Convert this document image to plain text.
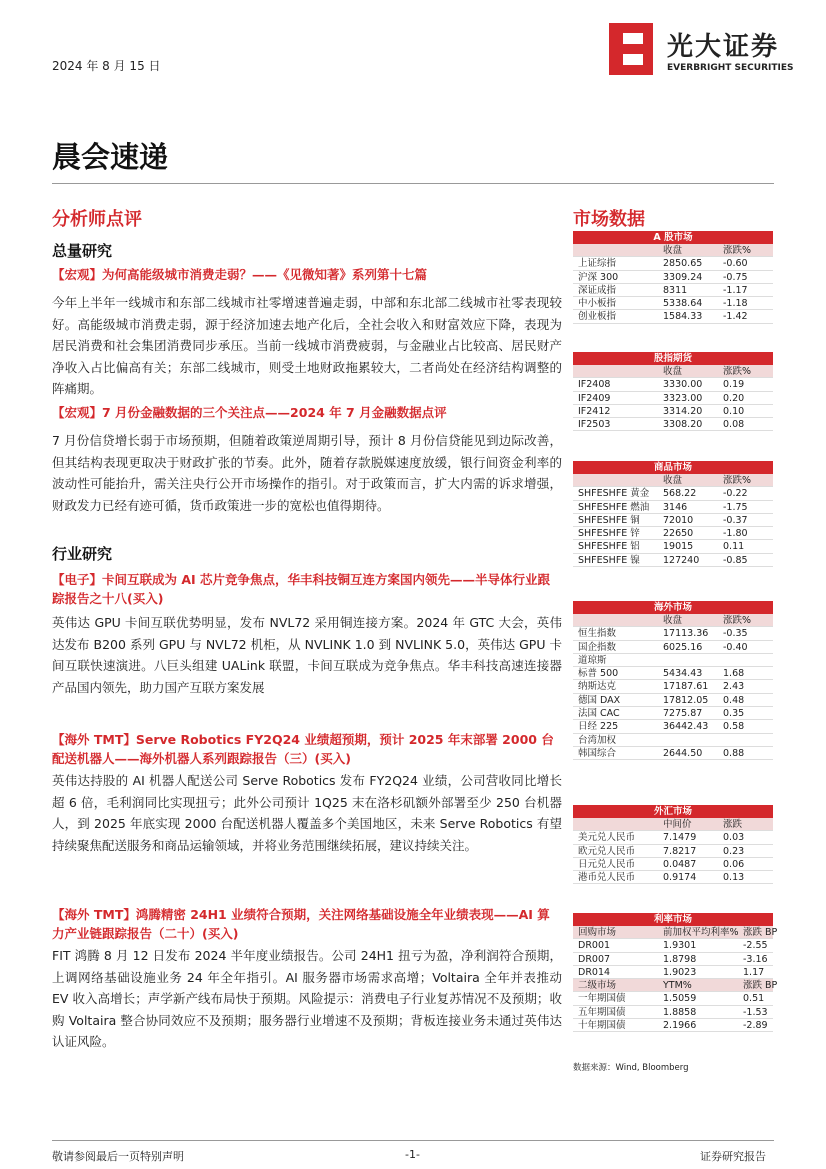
2024 年 8 月 15 日
光大证券
EVERBRIGHT SECURITIES
晨会速递
分析师点评
总量研究
【宏观】为何高能级城市消费走弱？——《见微知著》系列第十七篇
今年上半年一线城市和东部二线城市社零增速普遍走弱，中部和东北部二线城市社零表现较好。高能级城市消费走弱，源于经济加速去地产化后，全社会收入和财富效应下降，表现为居民消费和社会集团消费同步承压。当前一线城市消费疲弱，与金融业占比较高、居民财产净收入占比偏高有关；东部二线城市，则受土地财政拖累较大，二者尚处在经济结构调整的阵痛期。
【宏观】7 月份金融数据的三个关注点——2024 年 7 月金融数据点评
7 月份信贷增长弱于市场预期，但随着政策逆周期引导，预计 8 月份信贷能见到边际改善，但其结构表现更取决于财政扩张的节奏。此外，随着存款脱媒速度放缓，银行间资金利率的波动性可能抬升，需关注央行公开市场操作的指引。对于政策而言，扩大内需的诉求增强，财政发力已经有迹可循，货币政策进一步的宽松也值得期待。
行业研究
【电子】卡间互联成为 AI 芯片竞争焦点，华丰科技铜互连方案国内领先——半导体行业跟踪报告之十八(买入)
英伟达 GPU 卡间互联优势明显，发布 NVL72 采用铜连接方案。2024 年 GTC 大会，英伟达发布 B200 系列 GPU 与 NVL72 机柜，从 NVLINK 1.0 到 NVLINK 5.0，英伟达 GPU 卡间互联快速演进。八巨头组建 UALink 联盟，卡间互联成为竞争焦点。华丰科技高速连接器产品国内领先，助力国产互联方案发展
【海外 TMT】Serve Robotics FY2Q24 业绩超预期，预计 2025 年末部署 2000 台配送机器人——海外机器人系列跟踪报告（三）(买入)
英伟达持股的 AI 机器人配送公司 Serve Robotics 发布 FY2Q24 业绩，公司营收同比增长超 6 倍，毛利润同比实现扭亏；此外公司预计 1Q25 末在洛杉矶额外部署至少 250 台机器人，到 2025 年底实现 2000 台配送机器人覆盖多个美国地区，未来 Serve Robotics 有望持续聚焦配送服务和商品运输领域，并将业务范围继续拓展，建议持续关注。
【海外 TMT】鸿腾精密 24H1 业绩符合预期，关注网络基础设施全年业绩表现——AI 算力产业链跟踪报告（二十）(买入)
FIT 鸿腾 8 月 12 日发布 2024 半年度业绩报告。公司 24H1 扭亏为盈，净利润符合预期，上调网络基础设施业务 24 年全年指引。AI 服务器市场需求高增；Voltaira 全年并表推动 EV 收入高增长；声学新产线布局快于预期。风险提示：消费电子行业复苏情况不及预期；收购 Voltaira 整合协同效应不及预期；服务器行业增速不及预期；背板连接业务未通过英伟达认证风险。
市场数据
A 股市场
收盘	涨跌%
上证综指	2850.65	-0.60
沪深 300	3309.24	-0.75
深证成指	8311	-1.17
中小板指	5338.64	-1.18
创业板指	1584.33	-1.42
股指期货
收盘	涨跌%
IF2408	3330.00	0.19
IF2409	3323.00	0.20
IF2412	3314.20	0.10
IF2503	3308.20	0.08
商品市场
收盘	涨跌%
SHFESHFE 黄金	568.22	-0.22
SHFESHFE 燃油	3146	-1.75
SHFESHFE 铜	72010	-0.37
SHFESHFE 锌	22650	-1.80
SHFESHFE 铝	19015	0.11
SHFESHFE 镍	127240	-0.85
海外市场
收盘	涨跌%
恒生指数	17113.36	-0.35
国企指数	6025.16	-0.40
道琼斯
标普 500	5434.43	1.68
纳斯达克	17187.61	2.43
德国 DAX	17812.05	0.48
法国 CAC	7275.87	0.35
日经 225	36442.43	0.58
台湾加权
韩国综合	2644.50	0.88
外汇市场
中间价	涨跌
美元兑人民币	7.1479	0.03
欧元兑人民币	7.8217	0.23
日元兑人民币	0.0487	0.06
港币兑人民币	0.9174	0.13
利率市场
回购市场	前加权平均利率% 涨跌 BP
DR001	1.9301	-2.55
DR007	1.8798	-3.16
DR014	1.9023	1.17
二级市场	YTM%	涨跌 BP
一年期国债	1.5059	0.51
五年期国债	1.8858	-1.53
十年期国债	2.1966	-2.89
数据来源：Wind, Bloomberg
敬请参阅最后一页特别声明	-1-	证券研究报告
